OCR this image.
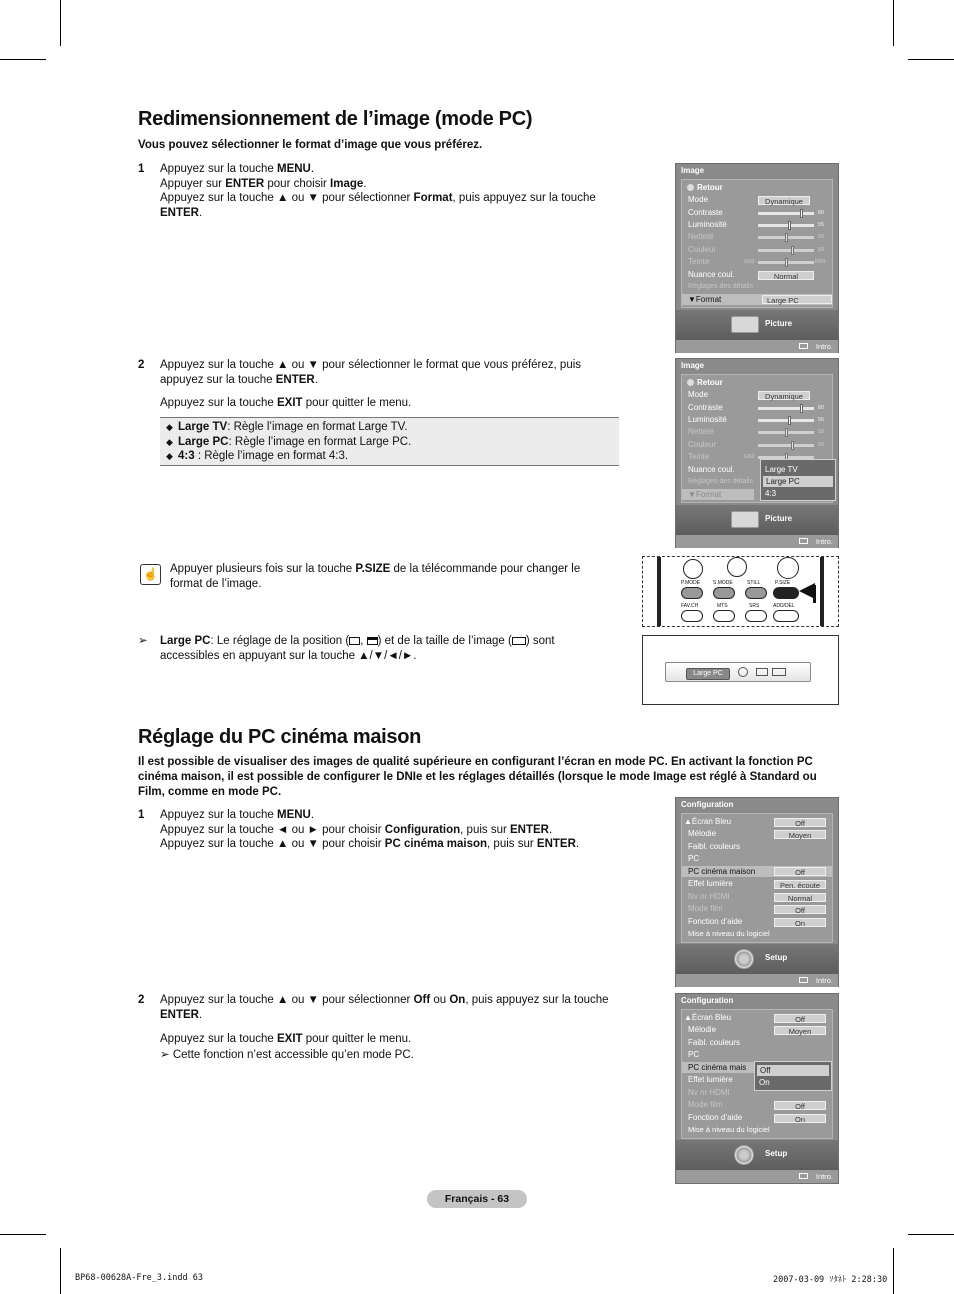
Redimensionnement de l’image (mode PC)
Vous pouvez sélectionner le format d’image que vous préférez.
1 Appuyez sur la touche MENU.
Appuyer sur ENTER pour choisir Image.
Appuyez sur la touche ▲ ou ▼ pour sélectionner Format, puis appuyez sur la touche
ENTER.
2 Appuyez sur la touche ▲ ou ▼ pour sélectionner le format que vous préférez, puis
appuyez sur la touche ENTER.
Appuyez sur la touche EXIT pour quitter le menu.
◆ Large TV: Règle l’image en format Large TV.
◆ Large PC: Règle l’image en format Large PC.
◆ 4:3 : Règle l’image en format 4:3.
☝ Appuyer plusieurs fois sur la touche P.SIZE de la télécommande pour changer le
format de l’image.
➢ Large PC: Le réglage de la position ( , ) et de la taille de l’image ( ) sont
accessibles en appuyant sur la touche ▲/▼/◄/►.
Image
Retour
Mode	Dynamique
Contraste	80
Luminosité	55
Netteté	50
Couleur	50
Teinte	G50	R50
Nuance coul.	Normal
Réglages des détails
▼Format	Large PC
Picture
Intro.
Image
Retour
Mode	Dynamique
Contraste	80
Luminosité	55
Netteté	50
Couleur	50
Teinte	G50
Nuance coul.
Réglages des détails
▼Format
Large TV
Large PC
4:3
Picture
Intro.
P.MODE	S.MODE	STILL	P.SIZE
FAV.CH	MTS	SRS	ADD/DEL
Large PC
Réglage du PC cinéma maison
Il est possible de visualiser des images de qualité supérieure en configurant l’écran en mode PC. En activant la fonction PC
cinéma maison, il est possible de configurer le DNIe et les réglages détaillés (lorsque le mode Image est réglé à Standard ou
Film, comme en mode PC.
1 Appuyez sur la touche MENU.
Appuyez sur la touche ◄ ou ► pour choisir Configuration, puis sur ENTER.
Appuyez sur la touche ▲ ou ▼ pour choisir PC cinéma maison, puis sur ENTER.
2 Appuyez sur la touche ▲ ou ▼ pour sélectionner Off ou On, puis appuyez sur la touche
ENTER.
Appuyez sur la touche EXIT pour quitter le menu.
➢ Cette fonction n’est accessible qu’en mode PC.
Configuration
▲Écran Bleu	Off
Mélodie	Moyen
Faibl. couleurs
PC
PC cinéma maison	Off
Effet lumière	Pen. écoute
Nv nr HDMI	Normal
Mode film	Off
Fonction d’aide	On
Mise à niveau du logiciel
Setup
Intro.
Configuration
▲Écran Bleu	Off
Mélodie	Moyen
Faibl. couleurs
PC
PC cinéma mais
Effet lumière
Nv nr HDMI
Mode film	Off
Fonction d’aide	On
Mise à niveau du logiciel
Off
On
Setup
Intro.
Français - 63
BP68-00628A-Fre_3.indd 63	2007-03-09 ｿﾀﾈﾄ 2:28:30
